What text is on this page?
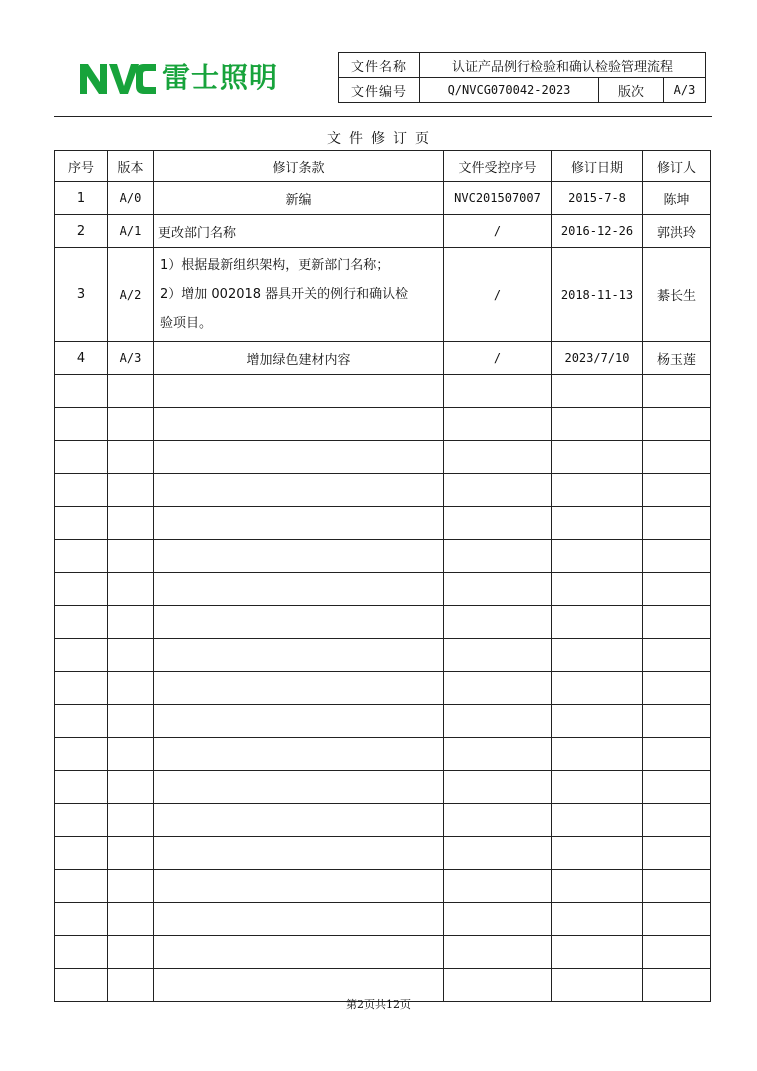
雷士照明	文件名称	认证产品例行检验和确认检验管理流程		
文件编号	Q/NVCG070042-2023	版次	A/3
文件修订页
序号	版本	修订条款	文件受控序号	修订日期	修订人
1	A/0	新编	NVC201507007	2015-7-8	陈坤
2	A/1	更改部门名称	/	2016-12-26	郭洪玲
3	A/2	1）根据最新组织架构，更新部门名称；
2）增加 002018 器具开关的例行和确认检
验项目。	/	2018-11-13	綦长生
4	A/3	增加绿色建材内容	/	2023/7/10	杨玉莲

第2页共12页
